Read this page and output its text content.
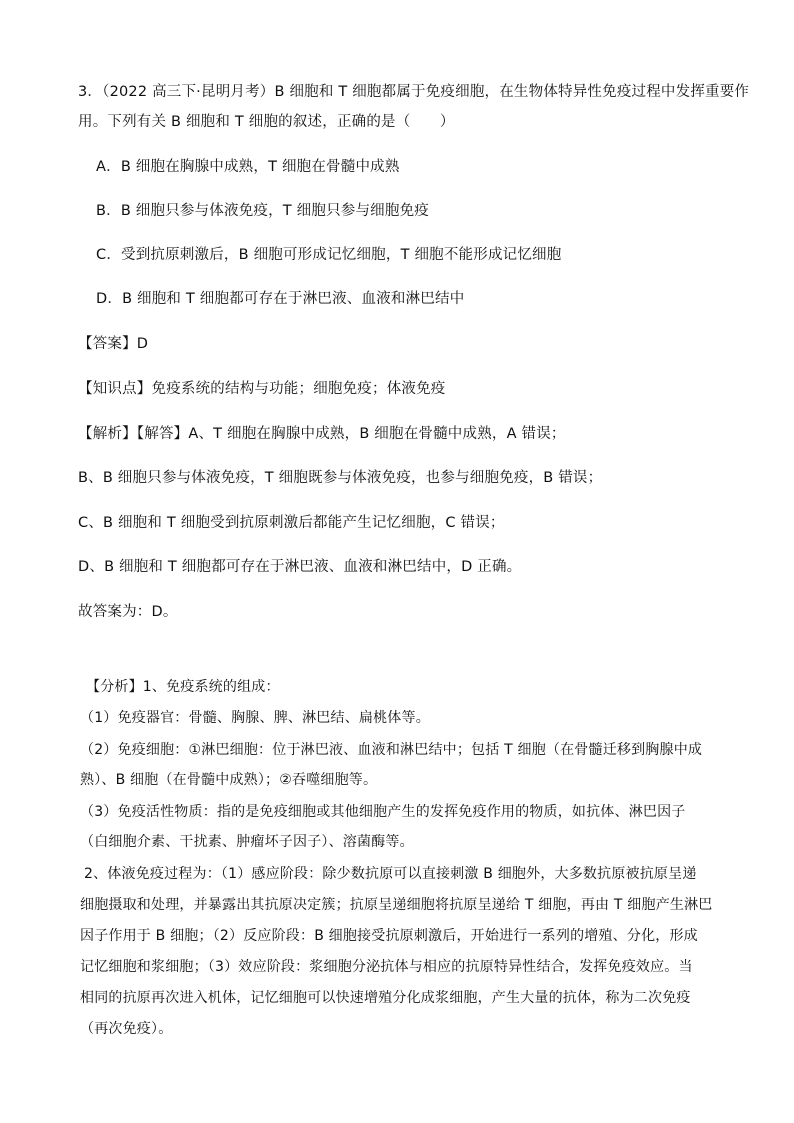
3．（2022 高三下·昆明月考）B 细胞和 T 细胞都属于免疫细胞，在生物体特异性免疫过程中发挥重要作
用。下列有关 B 细胞和 T 细胞的叙述，正确的是（　　）
A．B 细胞在胸腺中成熟，T 细胞在骨髓中成熟
B．B 细胞只参与体液免疫，T 细胞只参与细胞免疫
C．受到抗原刺激后，B 细胞可形成记忆细胞，T 细胞不能形成记忆细胞
D．B 细胞和 T 细胞都可存在于淋巴液、血液和淋巴结中
【答案】D
【知识点】免疫系统的结构与功能；细胞免疫；体液免疫
【解析】【解答】A、T 细胞在胸腺中成熟，B 细胞在骨髓中成熟，A 错误；
B、B 细胞只参与体液免疫，T 细胞既参与体液免疫，也参与细胞免疫，B 错误；
C、B 细胞和 T 细胞受到抗原刺激后都能产生记忆细胞，C 错误；
D、B 细胞和 T 细胞都可存在于淋巴液、血液和淋巴结中，D 正确。
故答案为：D。
【分析】1、免疫系统的组成：
（1）免疫器官：骨髓、胸腺、脾、淋巴结、扁桃体等。
（2）免疫细胞：①淋巴细胞：位于淋巴液、血液和淋巴结中；包括 T 细胞（在骨髓迁移到胸腺中成
熟）、B 细胞（在骨髓中成熟）；②吞噬细胞等。
（3）免疫活性物质：指的是免疫细胞或其他细胞产生的发挥免疫作用的物质，如抗体、淋巴因子
（白细胞介素、干扰素、肿瘤坏子因子）、溶菌酶等。
2、体液免疫过程为：（1）感应阶段：除少数抗原可以直接刺激 B 细胞外，大多数抗原被抗原呈递
细胞摄取和处理，并暴露出其抗原决定簇；抗原呈递细胞将抗原呈递给 T 细胞，再由 T 细胞产生淋巴
因子作用于 B 细胞；（2）反应阶段：B 细胞接受抗原刺激后，开始进行一系列的增殖、分化，形成
记忆细胞和浆细胞；（3）效应阶段：浆细胞分泌抗体与相应的抗原特异性结合，发挥免疫效应。当
相同的抗原再次进入机体，记忆细胞可以快速增殖分化成浆细胞，产生大量的抗体，称为二次免疫
（再次免疫）。
